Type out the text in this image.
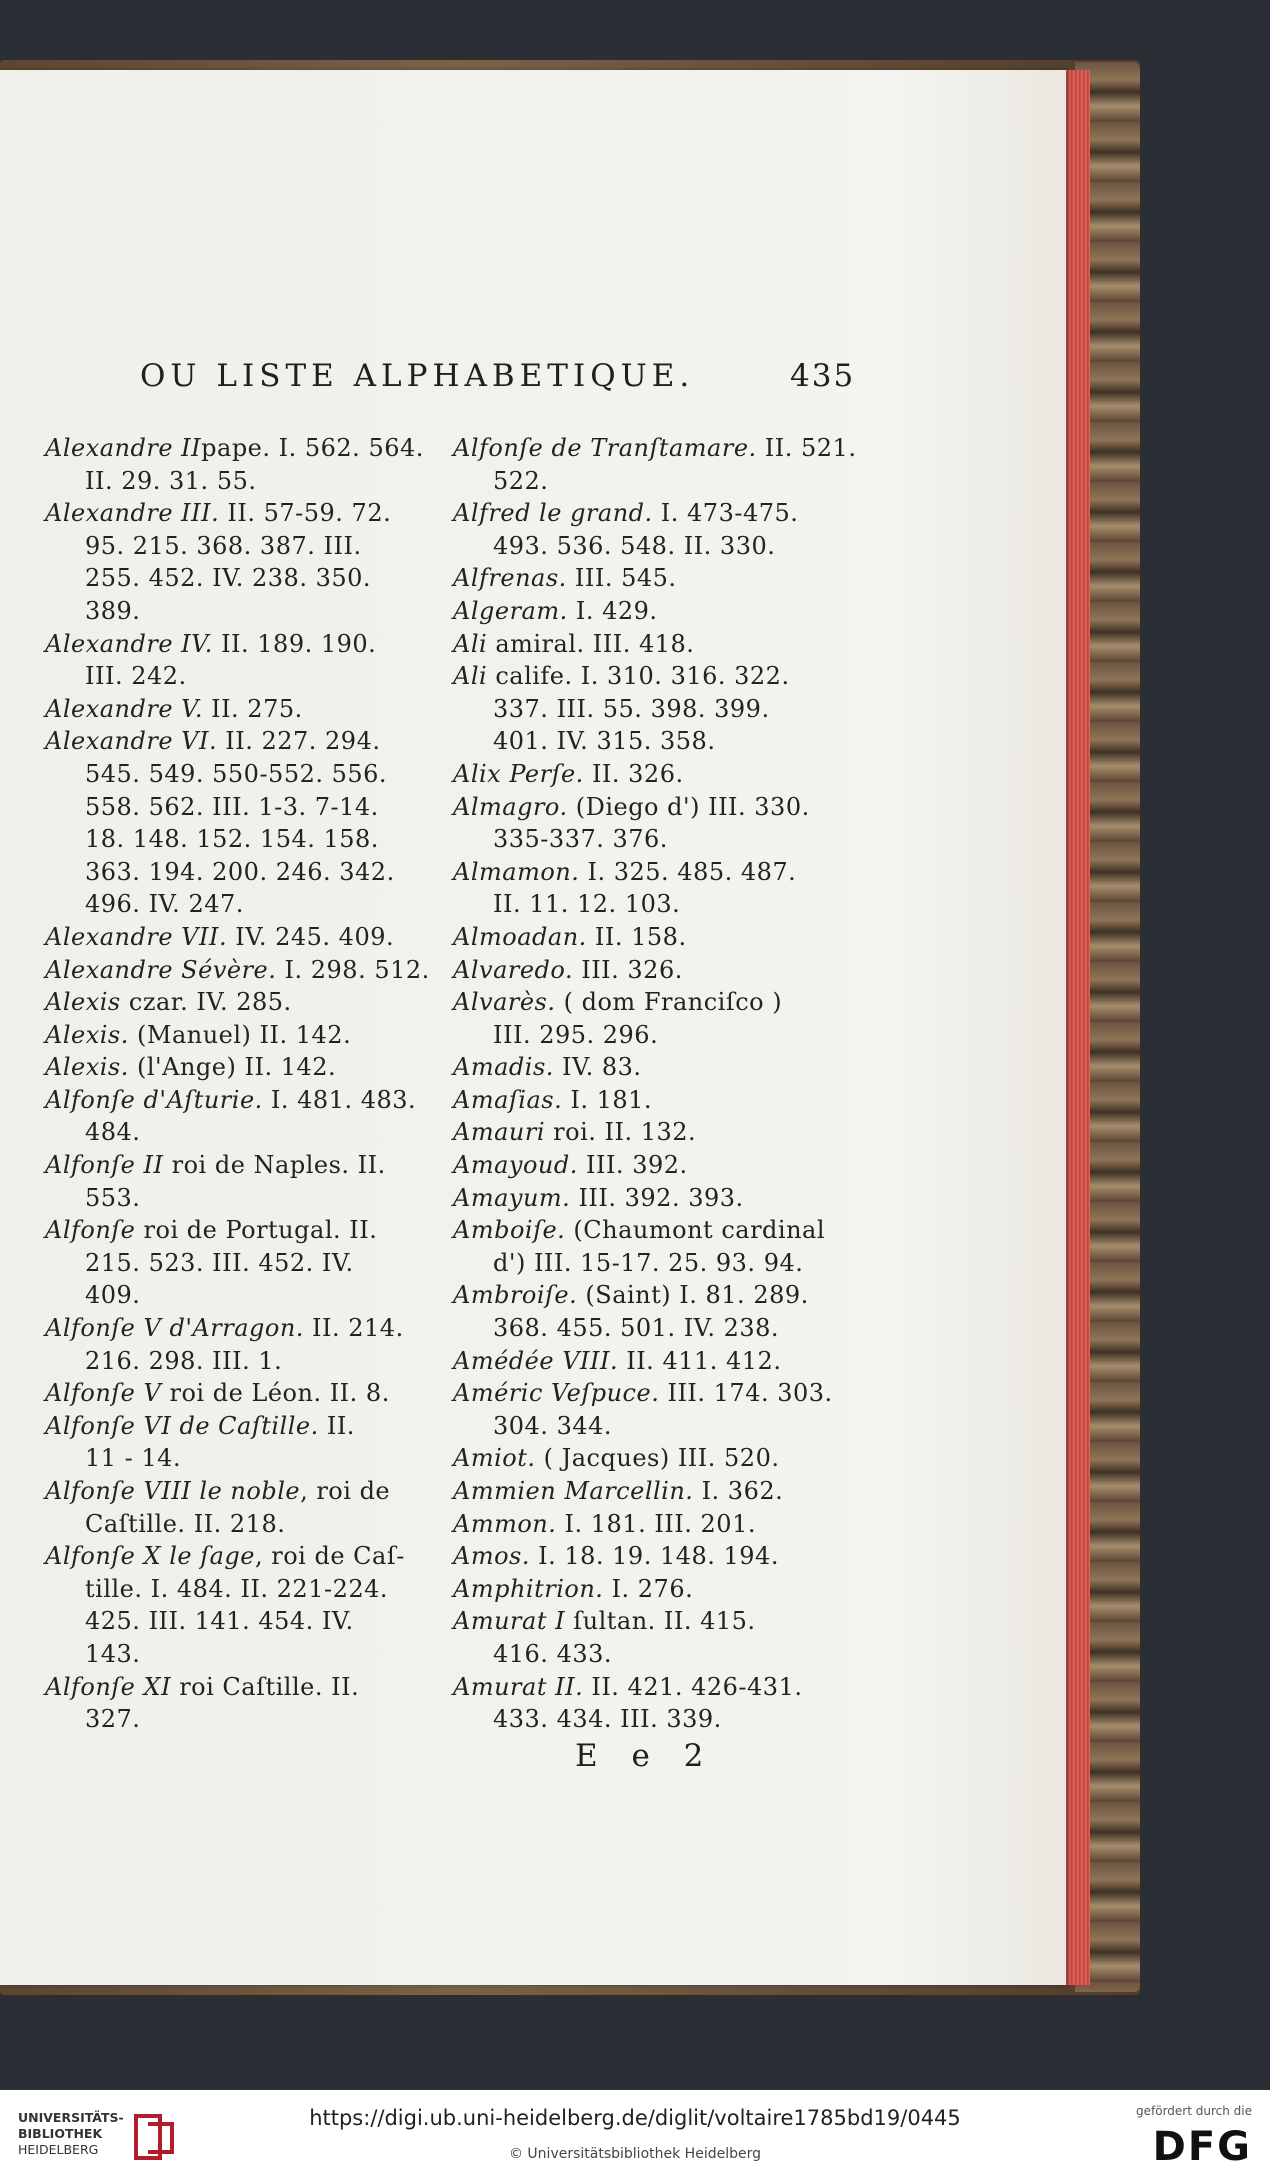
OU LISTE ALPHABETIQUE.	435
Alexandre IIpape. I. 562. 564.
II. 29. 31. 55.
Alexandre III. II. 57-59. 72.
95. 215. 368. 387. III.
255. 452. IV. 238. 350.
389.
Alexandre IV. II. 189. 190.
III. 242.
Alexandre V. II. 275.
Alexandre VI. II. 227. 294.
545. 549. 550-552. 556.
558. 562. III. 1-3. 7-14.
18. 148. 152. 154. 158.
363. 194. 200. 246. 342.
496. IV. 247.
Alexandre VII. IV. 245. 409.
Alexandre Sévère. I. 298. 512.
Alexis czar. IV. 285.
Alexis. (Manuel) II. 142.
Alexis. (l'Ange) II. 142.
Alfonſe d'Aſturie. I. 481. 483.
484.
Alfonſe II roi de Naples. II.
553.
Alfonſe roi de Portugal. II.
215. 523. III. 452. IV.
409.
Alfonſe V d'Arragon. II. 214.
216. 298. III. 1.
Alfonſe V roi de Léon. II. 8.
Alfonſe VI de Caſtille. II.
11 - 14.
Alfonſe VIII le noble, roi de
Caſtille. II. 218.
Alfonſe X le ſage, roi de Caſ-
tille. I. 484. II. 221-224.
425. III. 141. 454. IV.
143.
Alfonſe XI roi Caſtille. II.
327.
Alfonſe de Tranſtamare. II. 521.
522.
Alfred le grand. I. 473-475.
493. 536. 548. II. 330.
Alfrenas. III. 545.
Algeram. I. 429.
Ali amiral. III. 418.
Ali calife. I. 310. 316. 322.
337. III. 55. 398. 399.
401. IV. 315. 358.
Alix Perſe. II. 326.
Almagro. (Diego d') III. 330.
335-337. 376.
Almamon. I. 325. 485. 487.
II. 11. 12. 103.
Almoadan. II. 158.
Alvaredo. III. 326.
Alvarès. ( dom Franciſco )
III. 295. 296.
Amadis. IV. 83.
Amaſias. I. 181.
Amauri roi. II. 132.
Amayoud. III. 392.
Amayum. III. 392. 393.
Amboiſe. (Chaumont cardinal
d') III. 15-17. 25. 93. 94.
Ambroiſe. (Saint) I. 81. 289.
368. 455. 501. IV. 238.
Amédée VIII. II. 411. 412.
Améric Veſpuce. III. 174. 303.
304. 344.
Amiot. ( Jacques) III. 520.
Ammien Marcellin. I. 362.
Ammon. I. 181. III. 201.
Amos. I. 18. 19. 148. 194.
Amphitrion. I. 276.
Amurat I ſultan. II. 415.
416. 433.
Amurat II. II. 421. 426-431.
433. 434. III. 339.
E e 2
UNIVERSITÄTS-
BIBLIOTHEK
HEIDELBERG
https://digi.ub.uni-heidelberg.de/diglit/voltaire1785bd19/0445
© Universitätsbibliothek Heidelberg
gefördert durch die
DFG
